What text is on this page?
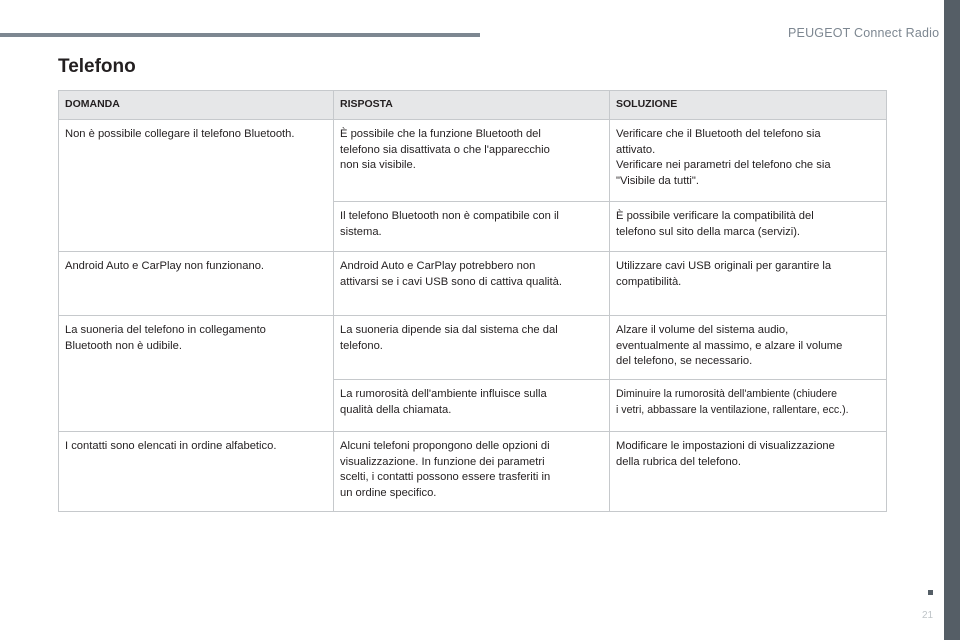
PEUGEOT Connect Radio
Telefono
DOMANDA	RISPOSTA	SOLUZIONE

Non è possibile collegare il telefono Bluetooth.	È possibile che la funzione Bluetooth del
telefono sia disattivata o che l'apparecchio
non sia visibile.	Verificare che il Bluetooth del telefono sia
attivato.
Verificare nei parametri del telefono che sia
"Visibile da tutti".

	Il telefono Bluetooth non è compatibile con il
sistema.	È possibile verificare la compatibilità del
telefono sul sito della marca (servizi).

Android Auto e CarPlay non funzionano.	Android Auto e CarPlay potrebbero non
attivarsi se i cavi USB sono di cattiva qualità.	Utilizzare cavi USB originali per garantire la
compatibilità.

La suoneria del telefono in collegamento
Bluetooth non è udibile.	La suoneria dipende sia dal sistema che dal
telefono.	Alzare il volume del sistema audio,
eventualmente al massimo, e alzare il volume
del telefono, se necessario.

	La rumorosità dell'ambiente influisce sulla
qualità della chiamata.	Diminuire la rumorosità dell'ambiente (chiudere
i vetri, abbassare la ventilazione, rallentare, ecc.).

I contatti sono elencati in ordine alfabetico.	Alcuni telefoni propongono delle opzioni di
visualizzazione. In funzione dei parametri
scelti, i contatti possono essere trasferiti in
un ordine specifico.	Modificare le impostazioni di visualizzazione
della rubrica del telefono.
21
